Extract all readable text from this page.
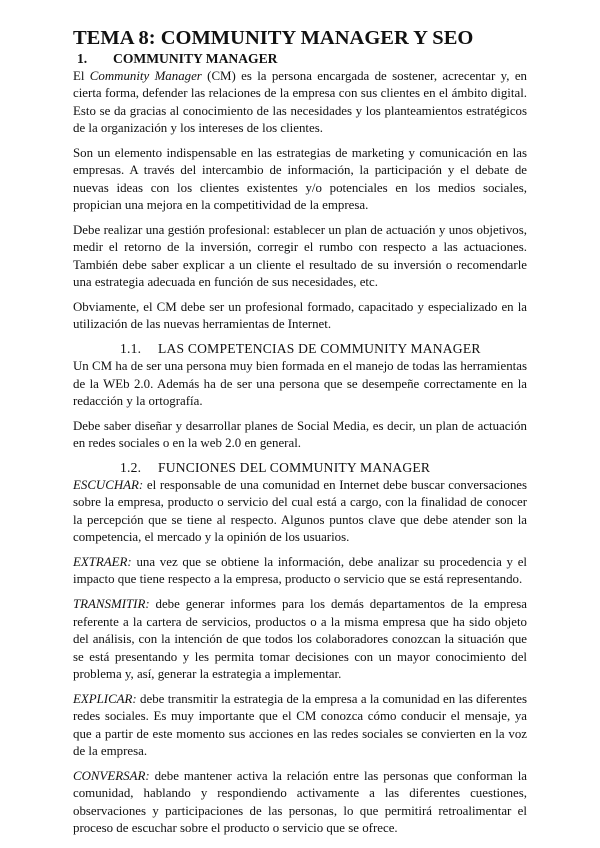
TEMA 8: COMMUNITY MANAGER Y SEO
1. COMMUNITY MANAGER

El Community Manager (CM) es la persona encargada de sostener, acrecentar y, en cierta forma, defender las relaciones de la empresa con sus clientes en el ámbito digital. Esto se da gracias al conocimiento de las necesidades y los planteamientos estratégicos de la organización y los intereses de los clientes.

Son un elemento indispensable en las estrategias de marketing y comunicación en las empresas. A través del intercambio de información, la participación y el debate de nuevas ideas con los clientes existentes y/o potenciales en los medios sociales, propician una mejora en la competitividad de la empresa.

Debe realizar una gestión profesional: establecer un plan de actuación y unos objetivos, medir el retorno de la inversión, corregir el rumbo con respecto a las actuaciones. También debe saber explicar a un cliente el resultado de su inversión o recomendarle una estrategia adecuada en función de sus necesidades, etc.

Obviamente, el CM debe ser un profesional formado, capacitado y especializado en la utilización de las nuevas herramientas de Internet.

1.1. LAS COMPETENCIAS DE COMMUNITY MANAGER

Un CM ha de ser una persona muy bien formada en el manejo de todas las herramientas de la WEb 2.0. Además ha de ser una persona que se desempeñe correctamente en la redacción y la ortografía.

Debe saber diseñar y desarrollar planes de Social Media, es decir, un plan de actuación en redes sociales o en la web 2.0 en general.

1.2. FUNCIONES DEL COMMUNITY MANAGER

ESCUCHAR: el responsable de una comunidad en Internet debe buscar conversaciones sobre la empresa, producto o servicio del cual está a cargo, con la finalidad de conocer la percepción que se tiene al respecto. Algunos puntos clave que debe atender son la competencia, el mercado y la opinión de los usuarios.

EXTRAER: una vez que se obtiene la información, debe analizar su procedencia y el impacto que tiene respecto a la empresa, producto o servicio que se está representando.

TRANSMITIR: debe generar informes para los demás departamentos de la empresa referente a la cartera de servicios, productos o a la misma empresa que ha sido objeto del análisis, con la intención de que todos los colaboradores conozcan la situación que se está presentando y les permita tomar decisiones con un mayor conocimiento del problema y, así, generar la estrategia a implementar.

EXPLICAR: debe transmitir la estrategia de la empresa a la comunidad en las diferentes redes sociales. Es muy importante que el CM conozca cómo conducir el mensaje, ya que a partir de este momento sus acciones en las redes sociales se convierten en la voz de la empresa.

CONVERSAR: debe mantener activa la relación entre las personas que conforman la comunidad, hablando y respondiendo activamente a las diferentes cuestiones, observaciones y participaciones de las personas, lo que permitirá retroalimentar el proceso de escuchar sobre el producto o servicio que se ofrece.
